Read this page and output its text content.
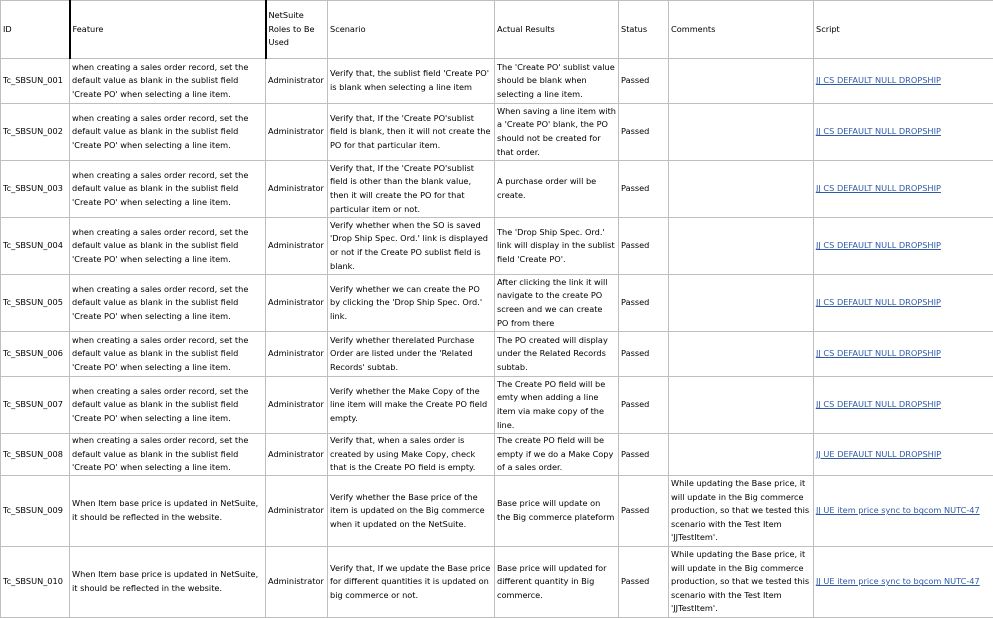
ID	Feature	NetSuite Roles to Be Used	Scenario	Actual Results	Status	Comments	Script
Tc_SBSUN_001	when creating a sales order record, set the default value as blank in the sublist field 'Create PO' when selecting a line item.	Administrator	Verify that, the sublist field 'Create PO' is blank when selecting a line item	The 'Create PO' sublist value should be blank when selecting a line item.	Passed		JJ CS DEFAULT NULL DROPSHIP
Tc_SBSUN_002	when creating a sales order record, set the default value as blank in the sublist field 'Create PO' when selecting a line item.	Administrator	Verify that, If the 'Create PO'sublist field is blank, then it will not create the PO for that particular item.	When saving a line item with a 'Create PO' blank, the PO should not be created for that order.	Passed		JJ CS DEFAULT NULL DROPSHIP
Tc_SBSUN_003	when creating a sales order record, set the default value as blank in the sublist field 'Create PO' when selecting a line item.	Administrator	Verify that, If the 'Create PO'sublist field is other than the blank value, then it will create the PO for that particular item or not.	A purchase order will be create.	Passed		JJ CS DEFAULT NULL DROPSHIP
Tc_SBSUN_004	when creating a sales order record, set the default value as blank in the sublist field 'Create PO' when selecting a line item.	Administrator	Verify whether when the SO is saved 'Drop Ship Spec. Ord.' link is displayed or not if the Create PO sublist field is blank.	The 'Drop Ship Spec. Ord.' link will display in the sublist field 'Create PO'.	Passed		JJ CS DEFAULT NULL DROPSHIP
Tc_SBSUN_005	when creating a sales order record, set the default value as blank in the sublist field 'Create PO' when selecting a line item.	Administrator	Verify whether we can create the PO by clicking the 'Drop Ship Spec. Ord.' link.	After clicking the link it will navigate to the create PO screen and we can create PO from there	Passed		JJ CS DEFAULT NULL DROPSHIP
Tc_SBSUN_006	when creating a sales order record, set the default value as blank in the sublist field 'Create PO' when selecting a line item.	Administrator	Verify whether therelated Purchase Order are listed under the 'Related Records' subtab.	The PO created will display under the Related Records subtab.	Passed		JJ CS DEFAULT NULL DROPSHIP
Tc_SBSUN_007	when creating a sales order record, set the default value as blank in the sublist field 'Create PO' when selecting a line item.	Administrator	Verify whether the Make Copy of the line item will make the Create PO field empty.	The Create PO field will be emty when adding a line item via make copy of the line.	Passed		JJ CS DEFAULT NULL DROPSHIP
Tc_SBSUN_008	when creating a sales order record, set the default value as blank in the sublist field 'Create PO' when selecting a line item.	Administrator	Verify that, when a sales order is created by using Make Copy, check that is the Create PO field is empty.	The create PO field will be empty if we do a Make Copy of a sales order.	Passed		JJ UE DEFAULT NULL DROPSHIP
Tc_SBSUN_009	When Item base price is updated in NetSuite, it should be reflected in the website.	Administrator	Verify whether the Base price of the item is updated on the Big commerce when it updated on the NetSuite.	Base price will update on the Big commerce plateform	Passed	While updating the Base price, it will update in the Big commerce production, so that we tested this scenario with the Test Item 'JJTestItem'.	JJ UE item price sync to bgcom NUTC-47
Tc_SBSUN_010	When Item base price is updated in NetSuite, it should be reflected in the website.	Administrator	Verify that, If we update the Base price for different quantities it is updated on big commerce or not.	Base price will updated for different quantity in Big commerce.	Passed	While updating the Base price, it will update in the Big commerce production, so that we tested this scenario with the Test Item 'JJTestItem'.	JJ UE item price sync to bgcom NUTC-47
